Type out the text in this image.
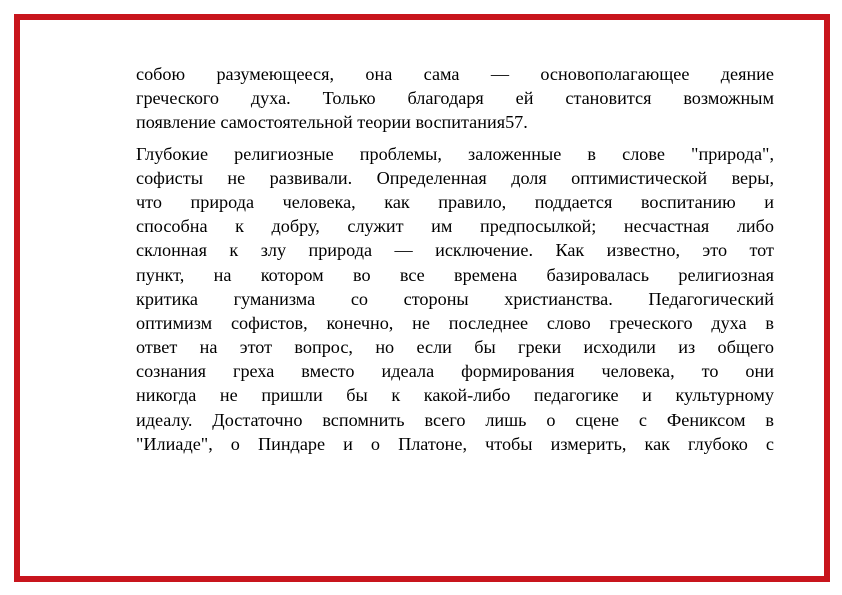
собою разумеющееся, она сама — основополагающее деяние
греческого духа. Только благодаря ей становится возможным
появление самостоятельной теории воспитания57.

Глубокие религиозные проблемы, заложенные в слове "природа",
софисты не развивали. Определенная доля оптимистической веры,
что природа человека, как правило, поддается воспитанию и
способна к добру, служит им предпосылкой; несчастная либо
склонная к злу природа — исключение. Как известно, это тот
пункт, на котором во все времена базировалась религиозная
критика гуманизма со стороны христианства. Педагогический
оптимизм софистов, конечно, не последнее слово греческого духа в
ответ на этот вопрос, но если бы греки исходили из общего
сознания греха вместо идеала формирования человека, то они
никогда не пришли бы к какой-либо педагогике и культурному
идеалу. Достаточно вспомнить всего лишь о сцене с Фениксом в
"Илиаде", о Пиндаре и о Платоне, чтобы измерить, как глубоко с
